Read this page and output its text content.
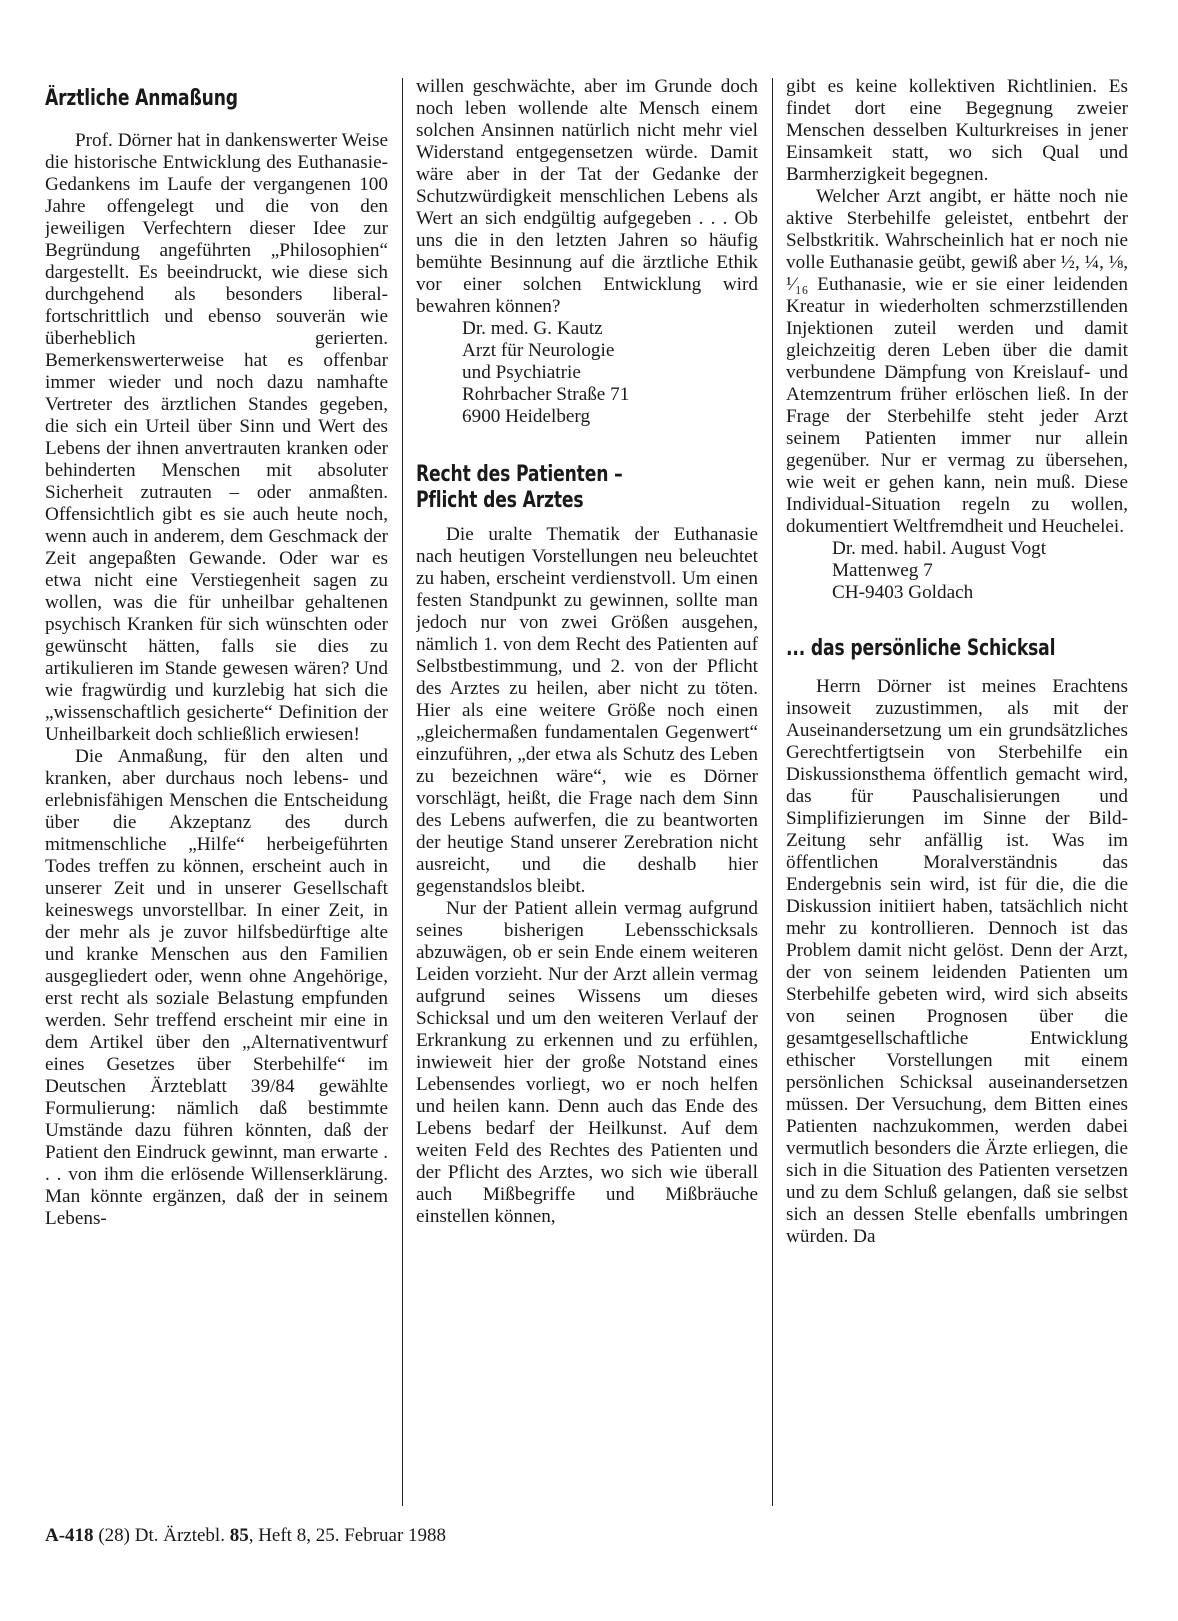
Ärztliche Anmaßung

Prof. Dörner hat in dankenswerter Weise die historische Entwicklung des Euthanasie-Gedankens im Laufe der vergangenen 100 Jahre offengelegt und die von den jeweiligen Verfechtern dieser Idee zur Begründung angeführten „Philosophien“ dargestellt. Es beeindruckt, wie diese sich durchgehend als besonders liberal-fortschrittlich und ebenso souverän wie überheblich gerierten. Bemerkenswerterweise hat es offenbar immer wieder und noch dazu namhafte Vertreter des ärztlichen Standes gegeben, die sich ein Urteil über Sinn und Wert des Lebens der ihnen anvertrauten kranken oder behinderten Menschen mit absoluter Sicherheit zutrauten – oder anmaßten. Offensichtlich gibt es sie auch heute noch, wenn auch in anderem, dem Geschmack der Zeit angepaßten Gewande. Oder war es etwa nicht eine Verstiegenheit sagen zu wollen, was die für unheilbar gehaltenen psychisch Kranken für sich wünschten oder gewünscht hätten, falls sie dies zu artikulieren im Stande gewesen wären? Und wie fragwürdig und kurzlebig hat sich die „wissenschaftlich gesicherte“ Definition der Unheilbarkeit doch schließlich erwiesen!

Die Anmaßung, für den alten und kranken, aber durchaus noch lebens- und erlebnisfähigen Menschen die Entscheidung über die Akzeptanz des durch mitmenschliche „Hilfe“ herbeigeführten Todes treffen zu können, erscheint auch in unserer Zeit und in unserer Gesellschaft keineswegs unvorstellbar. In einer Zeit, in der mehr als je zuvor hilfsbedürftige alte und kranke Menschen aus den Familien ausgegliedert oder, wenn ohne Angehörige, erst recht als soziale Belastung empfunden werden. Sehr treffend erscheint mir eine in dem Artikel über den „Alternativentwurf eines Gesetzes über Sterbehilfe“ im Deutschen Ärzteblatt 39/84 gewählte Formulierung: nämlich daß bestimmte Umstände dazu führen könnten, daß der Patient den Eindruck gewinnt, man erwarte . . . von ihm die erlösende Willenserklärung. Man könnte ergänzen, daß der in seinem Lebens-

willen geschwächte, aber im Grunde doch noch leben wollende alte Mensch einem solchen Ansinnen natürlich nicht mehr viel Widerstand entgegensetzen würde. Damit wäre aber in der Tat der Gedanke der Schutzwürdigkeit menschlichen Lebens als Wert an sich endgültig aufgegeben . . . Ob uns die in den letzten Jahren so häufig bemühte Besinnung auf die ärztliche Ethik vor einer solchen Entwicklung wird bewahren können?

Dr. med. G. Kautz
Arzt für Neurologie
und Psychiatrie
Rohrbacher Straße 71
6900 Heidelberg
Recht des Patienten –
Pflicht des Arztes

Die uralte Thematik der Euthanasie nach heutigen Vorstellungen neu beleuchtet zu haben, erscheint verdienstvoll. Um einen festen Standpunkt zu gewinnen, sollte man jedoch nur von zwei Größen ausgehen, nämlich 1. von dem Recht des Patienten auf Selbstbestimmung, und 2. von der Pflicht des Arztes zu heilen, aber nicht zu töten. Hier als eine weitere Größe noch einen „gleichermaßen fundamentalen Gegenwert“ einzuführen, „der etwa als Schutz des Leben zu bezeichnen wäre“, wie es Dörner vorschlägt, heißt, die Frage nach dem Sinn des Lebens aufwerfen, die zu beantworten der heutige Stand unserer Zerebration nicht ausreicht, und die deshalb hier gegenstandslos bleibt.

Nur der Patient allein vermag aufgrund seines bisherigen Lebensschicksals abzuwägen, ob er sein Ende einem weiteren Leiden vorzieht. Nur der Arzt allein vermag aufgrund seines Wissens um dieses Schicksal und um den weiteren Verlauf der Erkrankung zu erkennen und zu erfühlen, inwieweit hier der große Notstand eines Lebensendes vorliegt, wo er noch helfen und heilen kann. Denn auch das Ende des Lebens bedarf der Heilkunst. Auf dem weiten Feld des Rechtes des Patienten und der Pflicht des Arztes, wo sich wie überall auch Mißbegriffe und Mißbräuche einstellen können,

gibt es keine kollektiven Richtlinien. Es findet dort eine Begegnung zweier Menschen desselben Kulturkreises in jener Einsamkeit statt, wo sich Qual und Barmherzigkeit begegnen.

Welcher Arzt angibt, er hätte noch nie aktive Sterbehilfe geleistet, entbehrt der Selbstkritik. Wahrscheinlich hat er noch nie volle Euthanasie geübt, gewiß aber ½, ¼, ⅛, ¹⁄₁₆ Euthanasie, wie er sie einer leidenden Kreatur in wiederholten schmerzstillenden Injektionen zuteil werden und damit gleichzeitig deren Leben über die damit verbundene Dämpfung von Kreislauf- und Atemzentrum früher erlöschen ließ. In der Frage der Sterbehilfe steht jeder Arzt seinem Patienten immer nur allein gegenüber. Nur er vermag zu übersehen, wie weit er gehen kann, nein muß. Diese Individual-Situation regeln zu wollen, dokumentiert Weltfremdheit und Heuchelei.

Dr. med. habil. August Vogt
Mattenweg 7
CH-9403 Goldach
... das persönliche Schicksal

Herrn Dörner ist meines Erachtens insoweit zuzustimmen, als mit der Auseinandersetzung um ein grundsätzliches Gerechtfertigtsein von Sterbehilfe ein Diskussionsthema öffentlich gemacht wird, das für Pauschalisierungen und Simplifizierungen im Sinne der Bild-Zeitung sehr anfällig ist. Was im öffentlichen Moralverständnis das Endergebnis sein wird, ist für die, die die Diskussion initiiert haben, tatsächlich nicht mehr zu kontrollieren. Dennoch ist das Problem damit nicht gelöst. Denn der Arzt, der von seinem leidenden Patienten um Sterbehilfe gebeten wird, wird sich abseits von seinen Prognosen über die gesamtgesellschaftliche Entwicklung ethischer Vorstellungen mit einem persönlichen Schicksal auseinandersetzen müssen. Der Versuchung, dem Bitten eines Patienten nachzukommen, werden dabei vermutlich besonders die Ärzte erliegen, die sich in die Situation des Patienten versetzen und zu dem Schluß gelangen, daß sie selbst sich an dessen Stelle ebenfalls umbringen würden. Da

A-418 (28) Dt. Ärztebl. 85, Heft 8, 25. Februar 1988
